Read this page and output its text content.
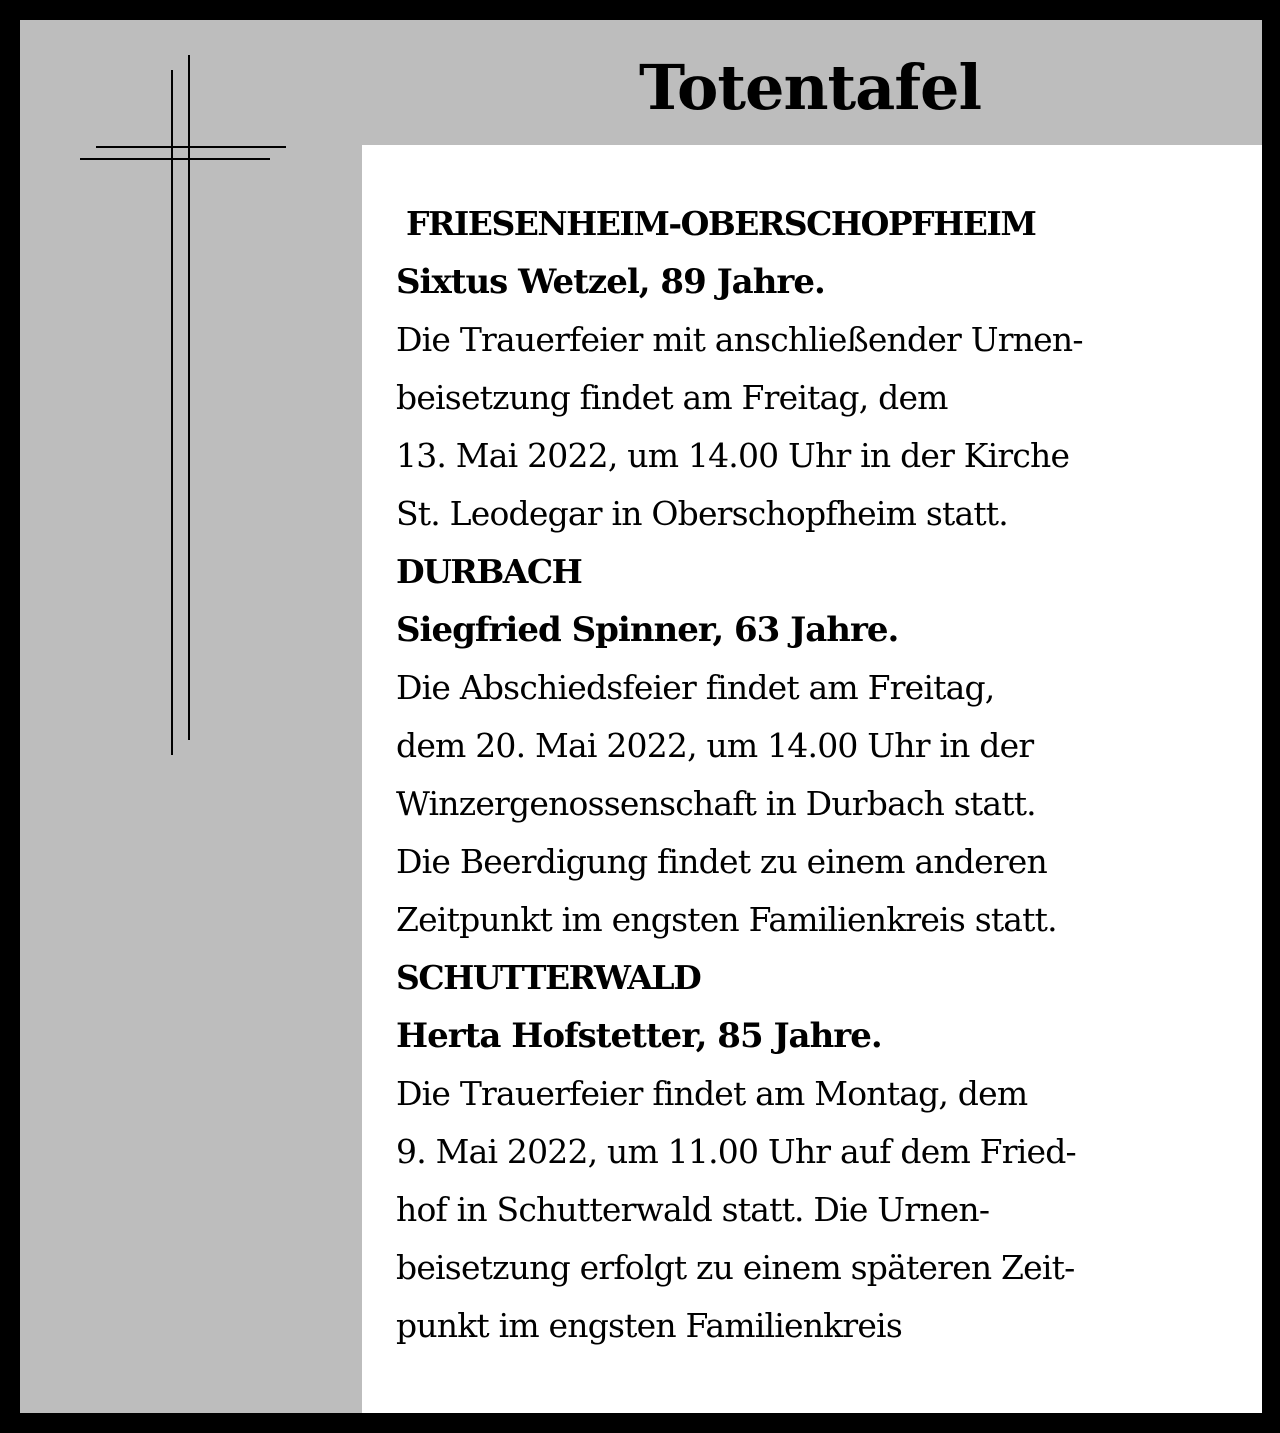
Totentafel
FRIESENHEIM-OBERSCHOPFHEIM
Sixtus Wetzel, 89 Jahre.
Die Trauerfeier mit anschließender Urnen-
beisetzung findet am Freitag, dem
13. Mai 2022, um 14.00 Uhr in der Kirche
St. Leodegar in Oberschopfheim statt.
DURBACH
Siegfried Spinner, 63 Jahre.
Die Abschiedsfeier findet am Freitag,
dem 20. Mai 2022, um 14.00 Uhr in der
Winzergenossenschaft in Durbach statt.
Die Beerdigung findet zu einem anderen
Zeitpunkt im engsten Familienkreis statt.
SCHUTTERWALD
Herta Hofstetter, 85 Jahre.
Die Trauerfeier findet am Montag, dem
9. Mai 2022, um 11.00 Uhr auf dem Fried-
hof in Schutterwald statt. Die Urnen-
beisetzung erfolgt zu einem späteren Zeit-
punkt im engsten Familienkreis
